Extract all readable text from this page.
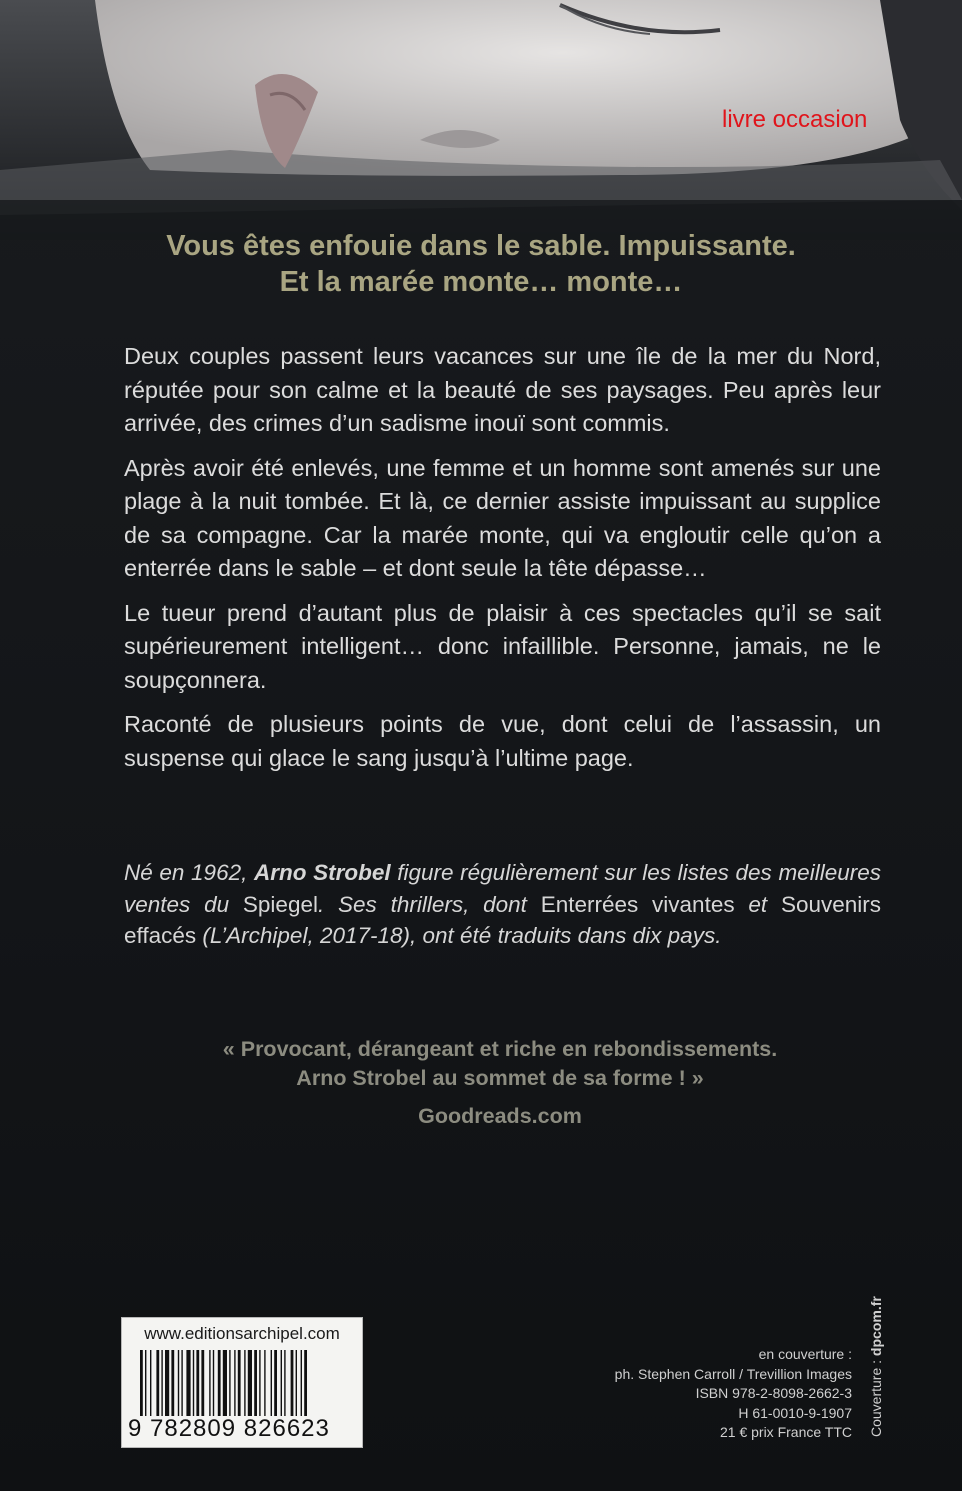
livre occasion
Vous êtes enfouie dans le sable. Impuissante.
Et la marée monte… monte…

Deux couples passent leurs vacances sur une île de la mer du Nord, réputée pour son calme et la beauté de ses paysages. Peu après leur arrivée, des crimes d’un sadisme inouï sont commis.

Après avoir été enlevés, une femme et un homme sont amenés sur une plage à la nuit tombée. Et là, ce dernier assiste impuissant au supplice de sa compagne. Car la marée monte, qui va engloutir celle qu’on a enterrée dans le sable – et dont seule la tête dépasse…

Le tueur prend d’autant plus de plaisir à ces spectacles qu’il se sait supérieurement intelligent… donc infaillible. Personne, jamais, ne le soupçonnera.

Raconté de plusieurs points de vue, dont celui de l’assassin, un suspense qui glace le sang jusqu’à l’ultime page.

Né en 1962, Arno Strobel figure régulièrement sur les listes des meilleures ventes du Spiegel. Ses thrillers, dont Enterrées vivantes et Souvenirs effacés (L’Archipel, 2017-18), ont été traduits dans dix pays.
« Provocant, dérangeant et riche en rebondissements.
Arno Strobel au sommet de sa forme ! »
Goodreads.com
www.editionsarchipel.com
9 782809 826623
en couverture :
ph. Stephen Carroll / Trevillion Images
ISBN 978-2-8098-2662-3
H 61-0010-9-1907
21 € prix France TTC Couverture : dpcom.fr
